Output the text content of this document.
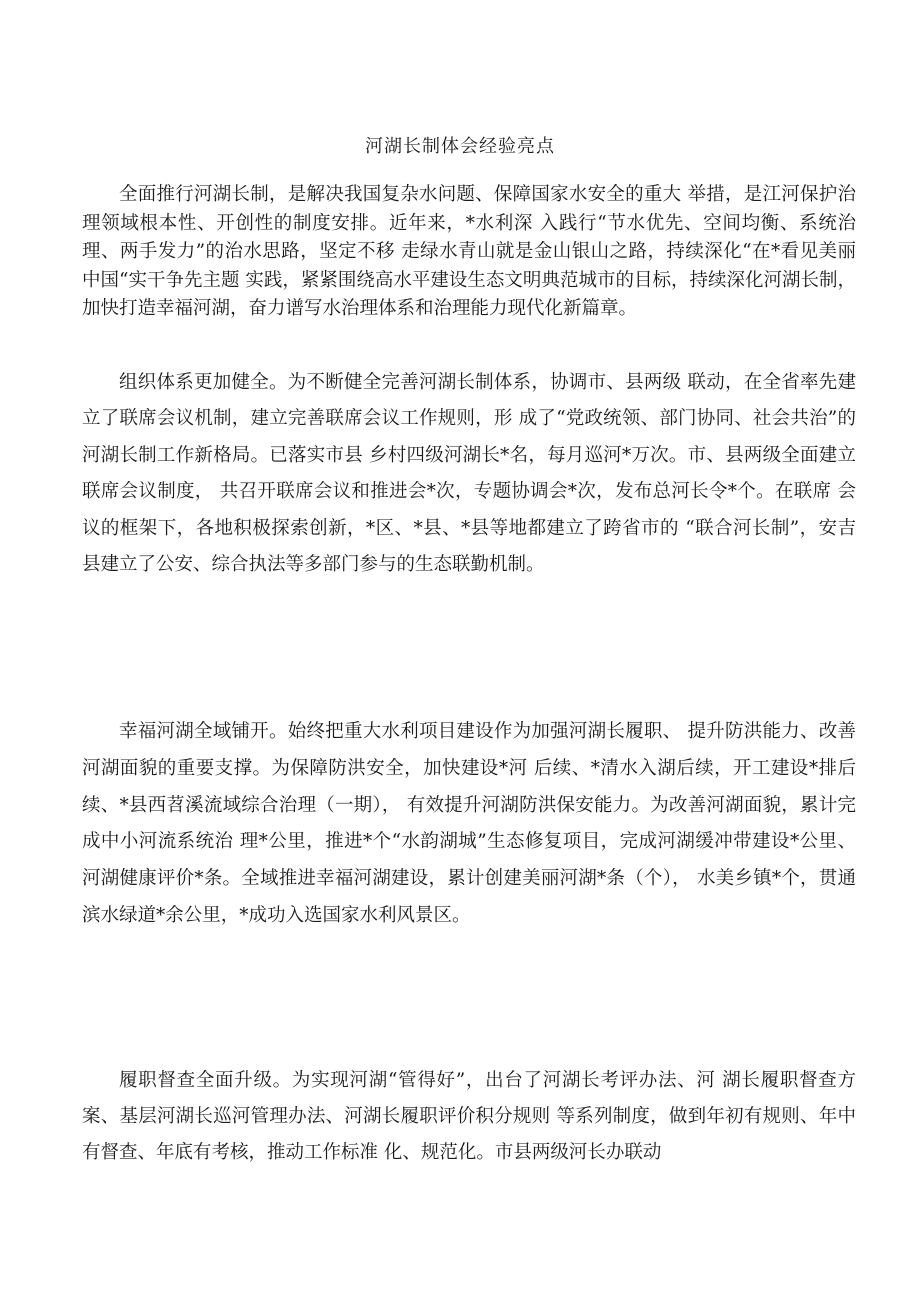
河湖长制体会经验亮点

全面推行河湖长制，是解决我国复杂水问题、保障国家水安全的重大 举措，是江河保护治理领域根本性、开创性的制度安排。近年来，*水利深 入践行“节水优先、空间均衡、系统治理、两手发力”的治水思路，坚定不移 走绿水青山就是金山银山之路，持续深化“在*看见美丽中国“实干争先主题 实践，紧紧围绕高水平建设生态文明典范城市的目标，持续深化河湖长制， 加快打造幸福河湖，奋力谱写水治理体系和治理能力现代化新篇章。

组织体系更加健全。为不断健全完善河湖长制体系，协调市、县两级 联动，在全省率先建立了联席会议机制，建立完善联席会议工作规则，形 成了“党政统领、部门协同、社会共治”的河湖长制工作新格局。已落实市县 乡村四级河湖长*名，每月巡河*万次。市、县两级全面建立联席会议制度， 共召开联席会议和推进会*次，专题协调会*次，发布总河长令*个。在联席 会议的框架下，各地积极探索创新，*区、*县、*县等地都建立了跨省市的 “联合河长制”，安吉县建立了公安、综合执法等多部门参与的生态联勤机制。

幸福河湖全域铺开。始终把重大水利项目建设作为加强河湖长履职、 提升防洪能力、改善河湖面貌的重要支撑。为保障防洪安全，加快建设*河 后续、*清水入湖后续，开工建设*排后续、*县西苕溪流域综合治理（一期）， 有效提升河湖防洪保安能力。为改善河湖面貌，累计完成中小河流系统治 理*公里，推进*个“水韵湖城”生态修复项目，完成河湖缓冲带建设*公里、 河湖健康评价*条。全域推进幸福河湖建设，累计创建美丽河湖*条（个）， 水美乡镇*个，贯通滨水绿道*余公里，*成功入选国家水利风景区。

履职督查全面升级。为实现河湖“管得好”，出台了河湖长考评办法、河 湖长履职督查方案、基层河湖长巡河管理办法、河湖长履职评价积分规则 等系列制度，做到年初有规则、年中有督查、年底有考核，推动工作标准 化、规范化。市县两级河长办联动
